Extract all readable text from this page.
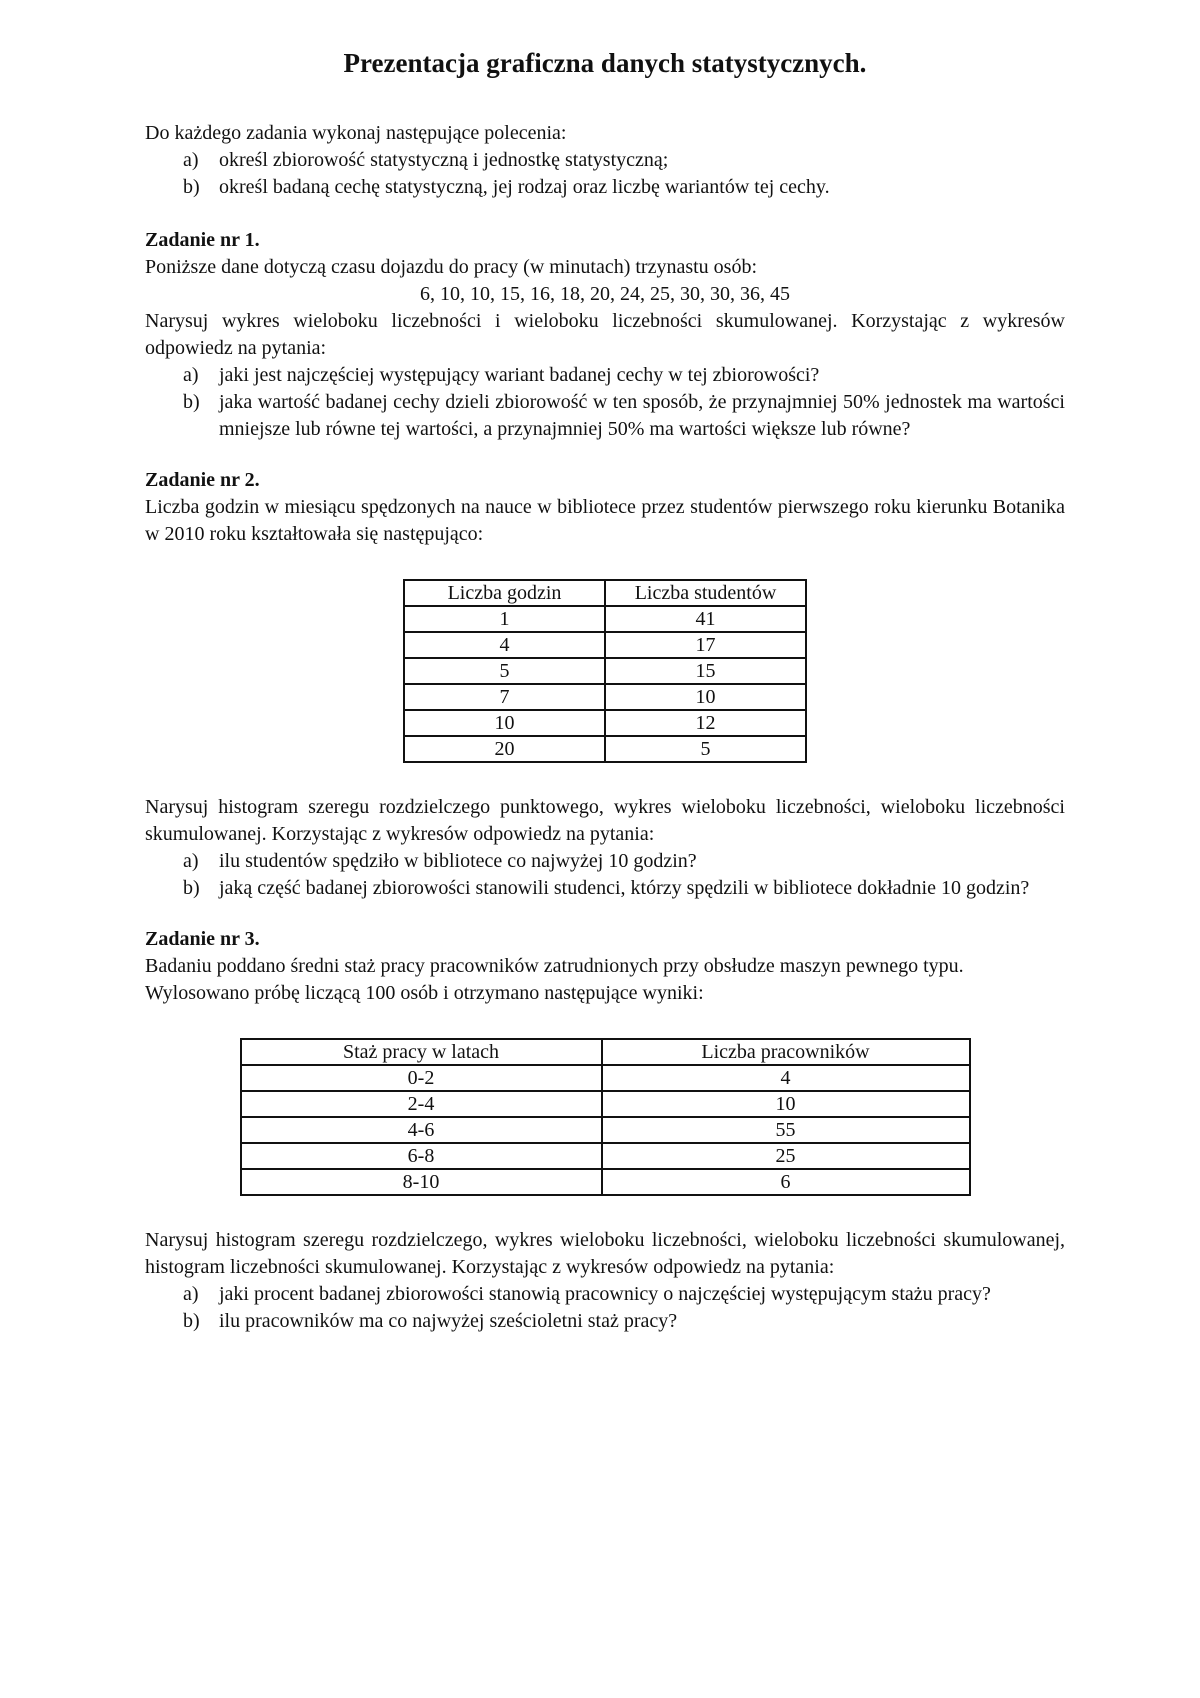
Prezentacja graficzna danych statystycznych.

Do każdego zadania wykonaj następujące polecenia:

a) określ zbiorowość statystyczną i jednostkę statystyczną;
b) określ badaną cechę statystyczną, jej rodzaj oraz liczbę wariantów tej cechy.

Zadanie nr 1.

Poniższe dane dotyczą czasu dojazdu do pracy (w minutach) trzynastu osób:

6, 10, 10, 15, 16, 18, 20, 24, 25, 30, 30, 36, 45

Narysuj wykres wieloboku liczebności i wieloboku liczebności skumulowanej. Korzystając z wykresów odpowiedz na pytania:

a) jaki jest najczęściej występujący wariant badanej cechy w tej zbiorowości?
b) jaka wartość badanej cechy dzieli zbiorowość w ten sposób, że przynajmniej 50% jednostek ma wartości mniejsze lub równe tej wartości, a przynajmniej 50% ma wartości większe lub równe?

Zadanie nr 2.

Liczba godzin w miesiącu spędzonych na nauce w bibliotece przez studentów pierwszego roku kierunku Botanika w 2010 roku kształtowała się następująco:

Liczba godzin	Liczba studentów
1	41
4	17
5	15
7	10
10	12
20	5

Narysuj histogram szeregu rozdzielczego punktowego, wykres wieloboku liczebności, wieloboku liczebności skumulowanej. Korzystając z wykresów odpowiedz na pytania:

a) ilu studentów spędziło w bibliotece co najwyżej 10 godzin?
b) jaką część badanej zbiorowości stanowili studenci, którzy spędzili w bibliotece dokładnie 10 godzin?

Zadanie nr 3.

Badaniu poddano średni staż pracy pracowników zatrudnionych przy obsłudze maszyn pewnego typu. Wylosowano próbę liczącą 100 osób i otrzymano następujące wyniki:

Staż pracy w latach	Liczba pracowników
0-2	4
2-4	10
4-6	55
6-8	25
8-10	6

Narysuj histogram szeregu rozdzielczego, wykres wieloboku liczebności, wieloboku liczebności skumulowanej, histogram liczebności skumulowanej. Korzystając z wykresów odpowiedz na pytania:

a) jaki procent badanej zbiorowości stanowią pracownicy o najczęściej występującym stażu pracy?
b) ilu pracowników ma co najwyżej sześcioletni staż pracy?
